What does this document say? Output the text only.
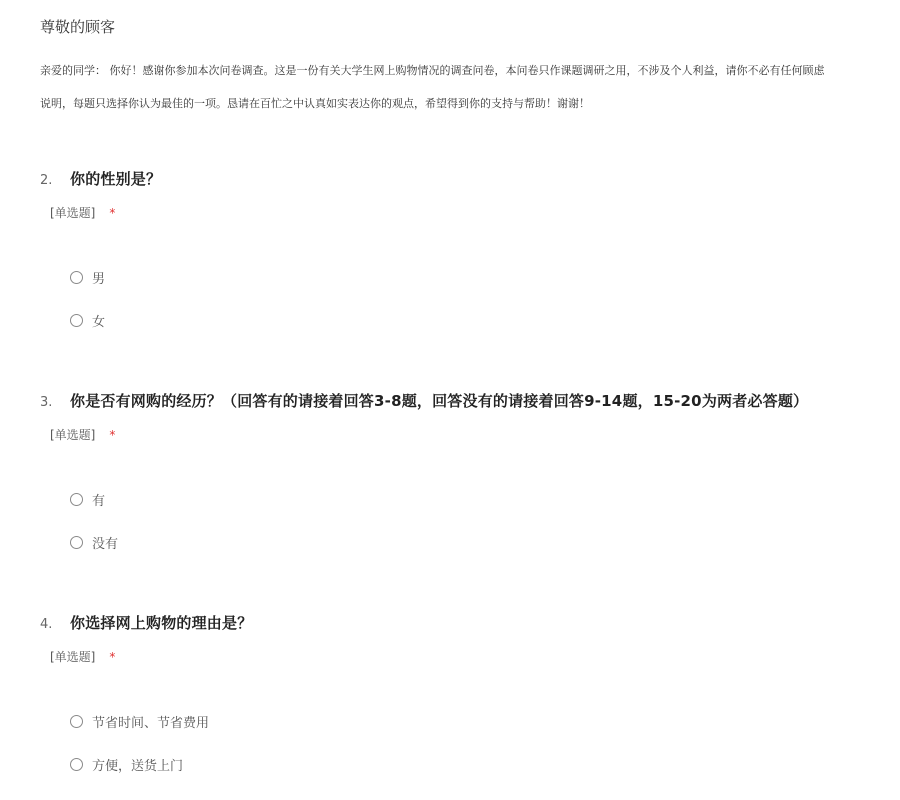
尊敬的顾客

亲爱的同学： 你好！感谢你参加本次问卷调查。这是一份有关大学生网上购物情况的调查问卷，本问卷只作课题调研之用，不涉及个人利益，请你不必有任何顾虑

说明，每题只选择你认为最佳的一项。恳请在百忙之中认真如实表达你的观点，希望得到你的支持与帮助！谢谢！

2.	你的性别是？
[单选题] *
男
女
3.	你是否有网购的经历？（回答有的请接着回答3-8题，回答没有的请接着回答9-14题，15-20为两者必答题）
[单选题] *
有
没有
4.	你选择网上购物的理由是？
[单选题] *
节省时间、节省费用
方便，送货上门
